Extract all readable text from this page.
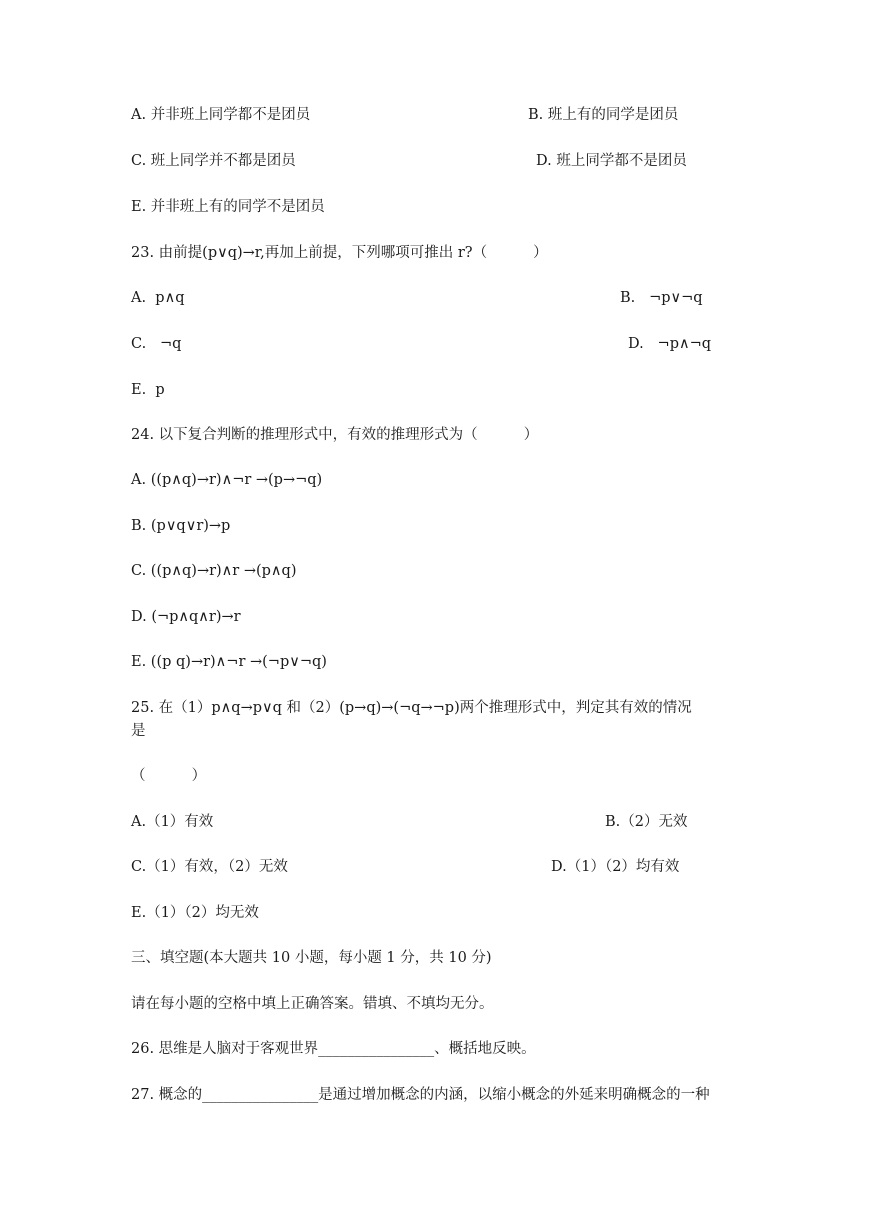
A. 并非班上同学都不是团员	B. 班上有的同学是团员
C. 班上同学并不都是团员	D. 班上同学都不是团员
E. 并非班上有的同学不是团员
23. 由前提(p∨q)→r,再加上前提，下列哪项可推出 r?（          ）
A.  p∧q	B.   ¬p∨¬q
C.   ¬q	D.   ¬p∧¬q
E.  p
24. 以下复合判断的推理形式中，有效的推理形式为（          ）
A. ((p∧q)→r)∧¬r →(p→¬q)
B. (p∨q∨r)→p
C. ((p∧q)→r)∧r →(p∧q)
D. (¬p∧q∧r)→r
E. ((p q)→r)∧¬r →(¬p∨¬q)
25. 在（1）p∧q→p∨q 和（2）(p→q)→(¬q→¬p)两个推理形式中，判定其有效的情况
是
（          ）
A.（1）有效	B.（2）无效
C.（1）有效，（2）无效	D.（1）（2）均有效
E.（1）（2）均无效
三、填空题(本大题共 10 小题，每小题 1 分，共 10 分)
请在每小题的空格中填上正确答案。错填、不填均无分。
26. 思维是人脑对于客观世界________________、概括地反映。
27. 概念的________________是通过增加概念的内涵，以缩小概念的外延来明确概念的一种
